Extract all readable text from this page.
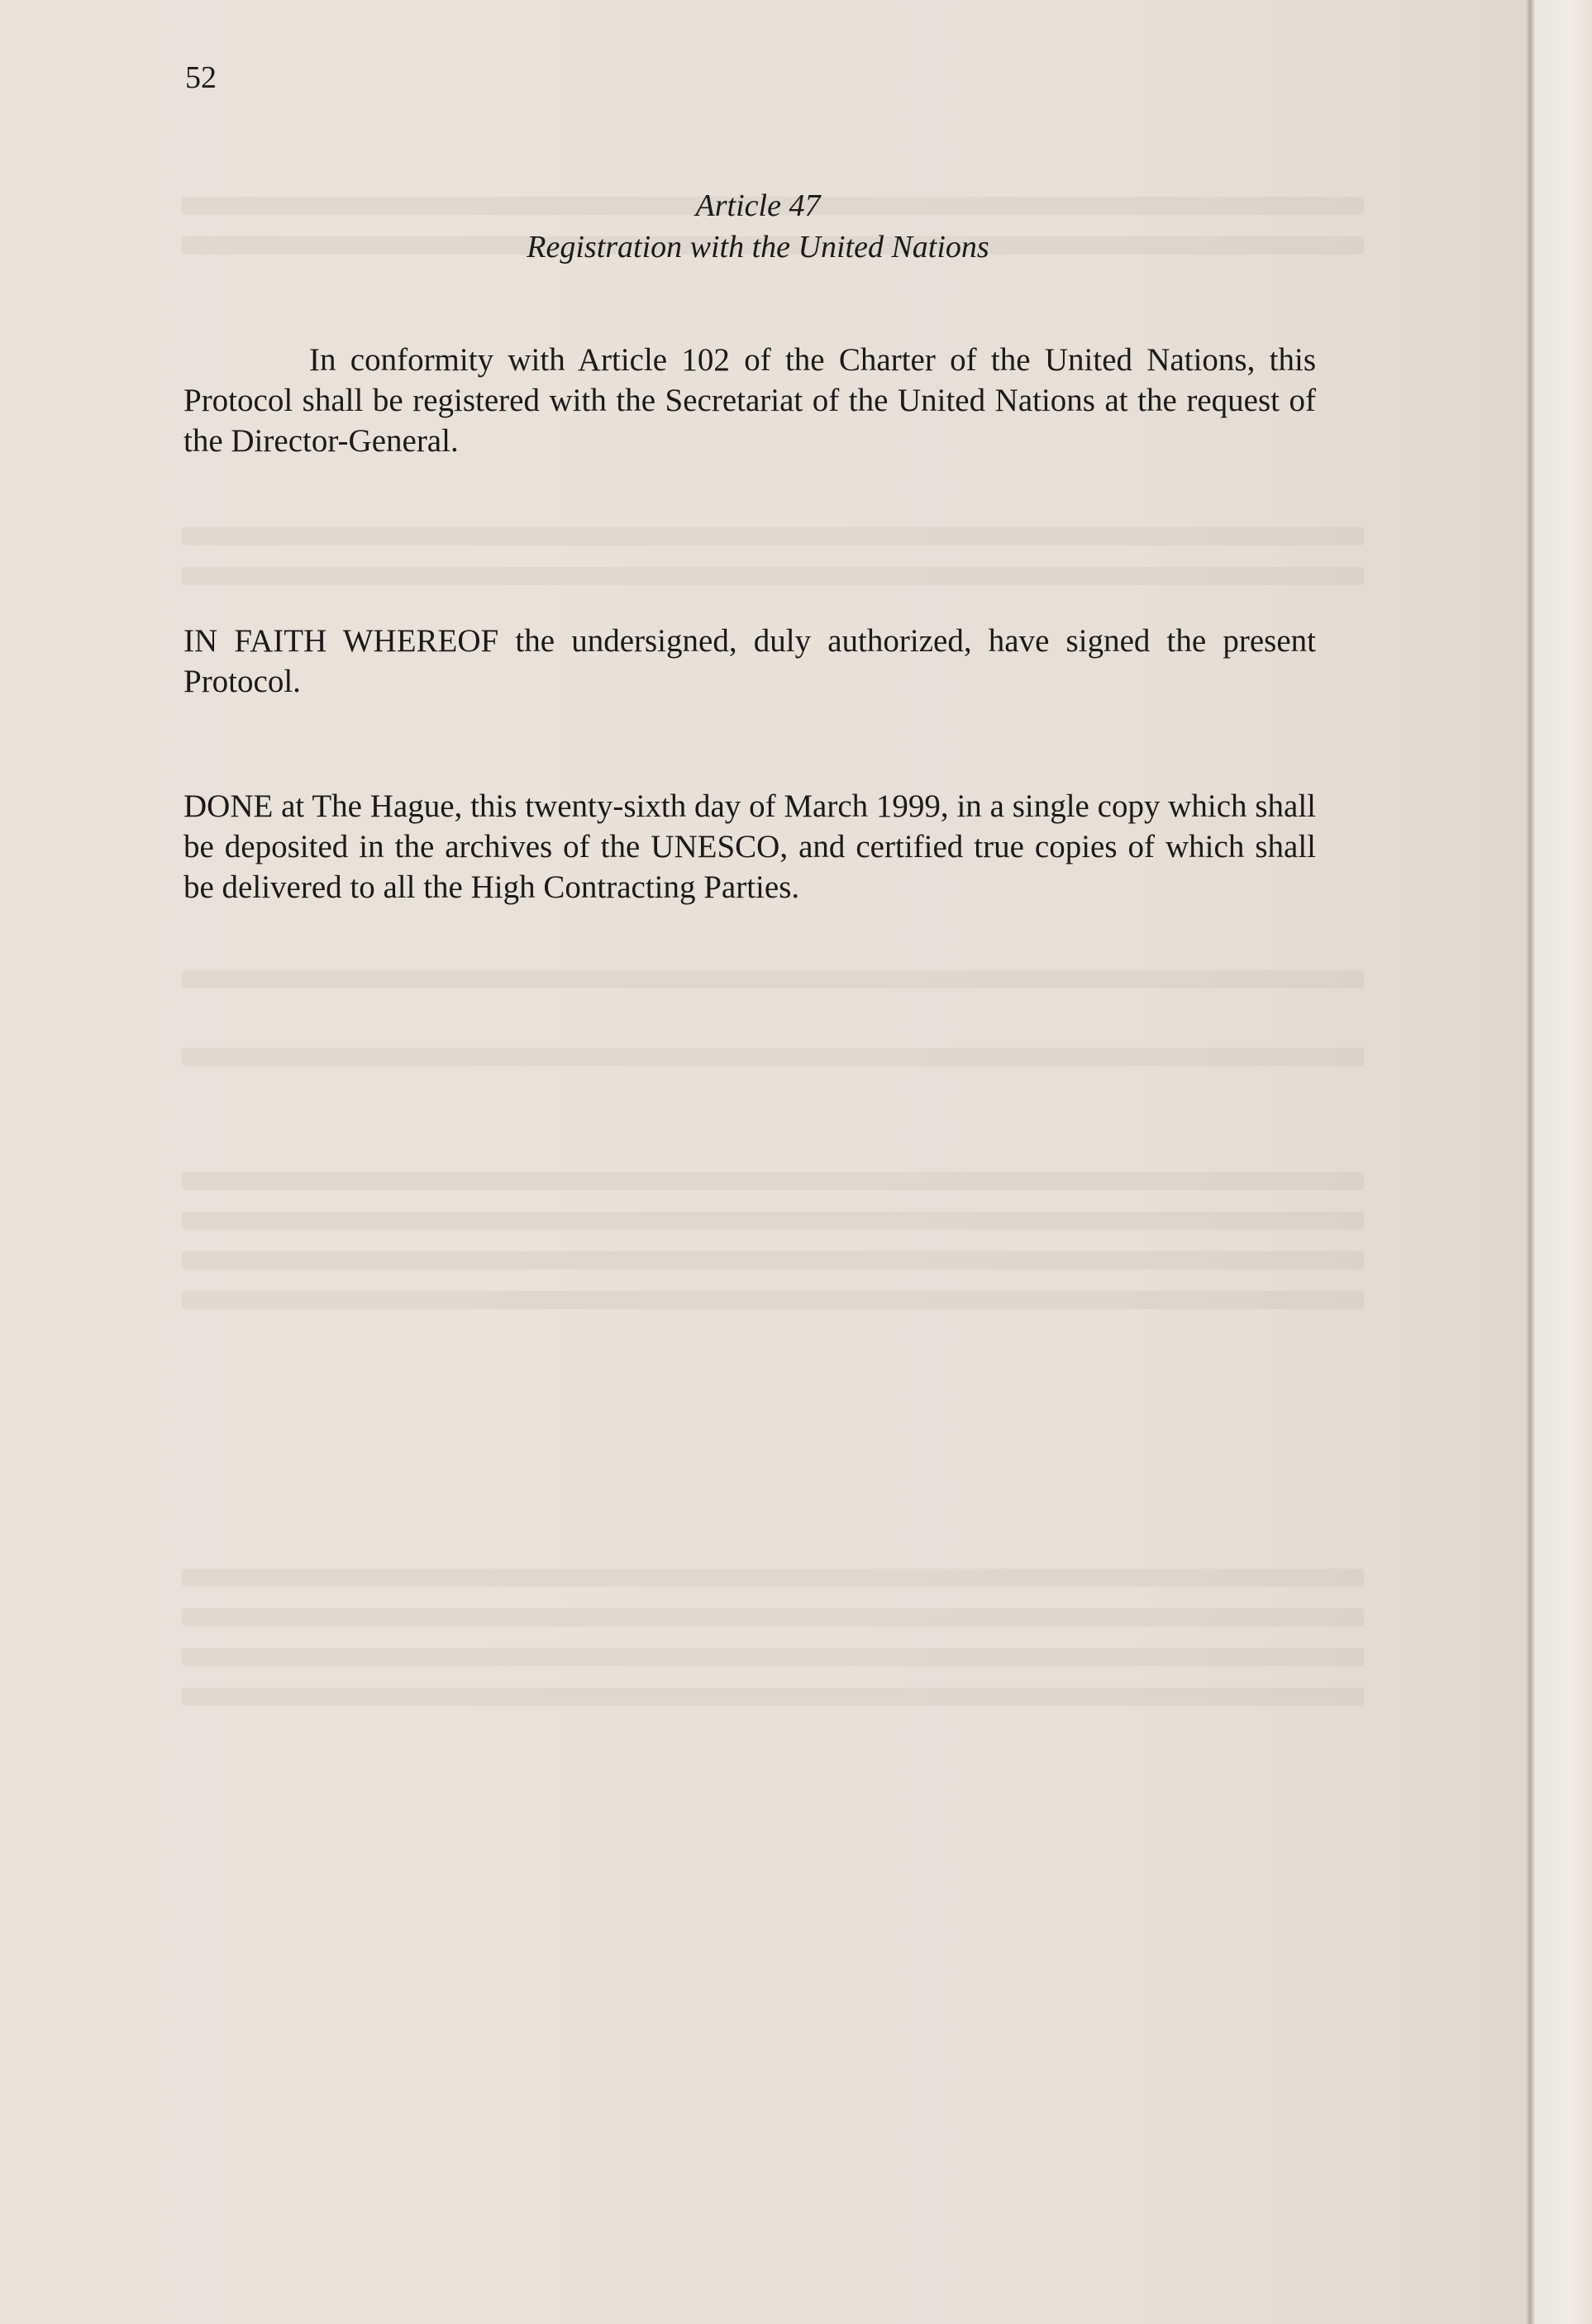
52
Article 47
Registration with the United Nations

In conformity with Article 102 of the Charter of the United Nations, this Protocol shall be registered with the Secretariat of the United Nations at the request of the Director-General.

IN FAITH WHEREOF the undersigned, duly authorized, have signed the present Protocol.

DONE at The Hague, this twenty-sixth day of March 1999, in a single copy which shall be deposited in the archives of the UNESCO, and certified true copies of which shall be delivered to all the High Contracting Parties.
